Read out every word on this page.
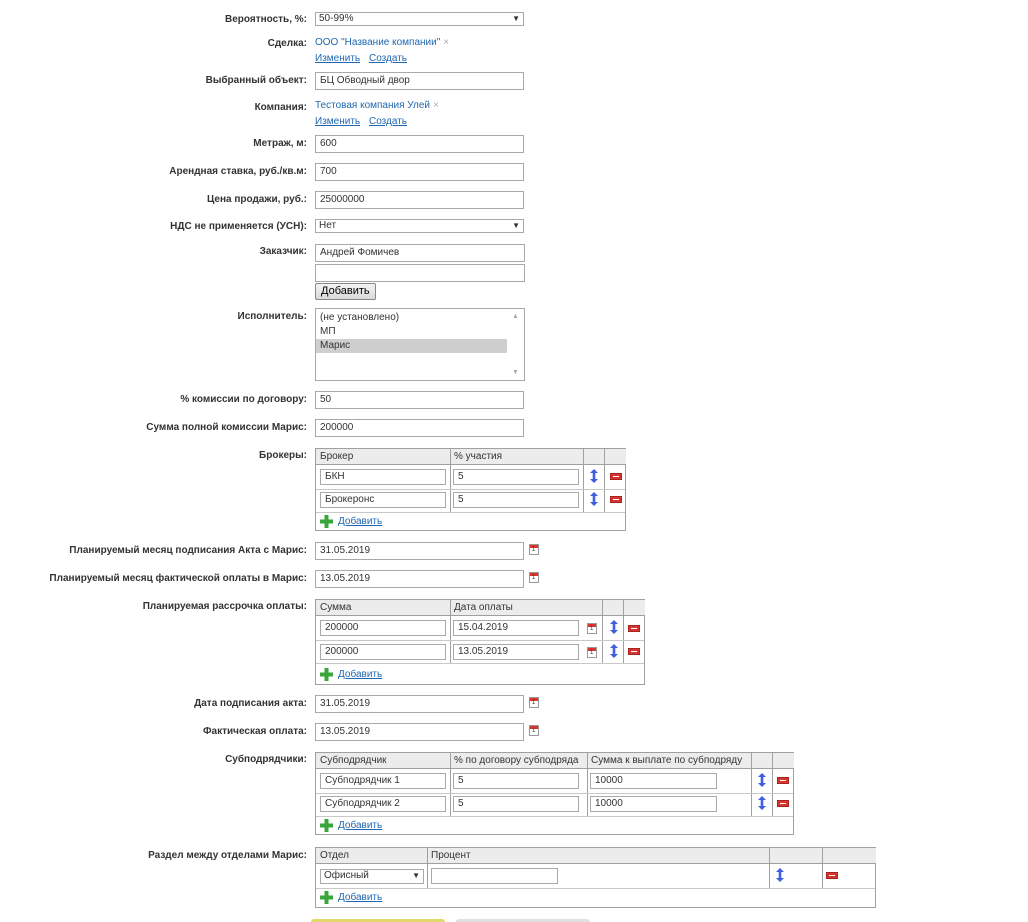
Вероятность, %:	50-99%	▼
Сделка: ООО "Название компании" ×
Изменить Создать
Выбранный объект:	БЦ Обводный двор
Компания: Тестовая компания Улей ×
Изменить Создать
Метраж, м:	600
Арендная ставка, руб./кв.м:	700
Цена продажи, руб.:	25000000
НДС не применяется (УСН):	Нет	▼
Заказчик:	Андрей Фомичев
Добавить
Исполнитель:	(не установлено)
МП
Марис
▲
▼
% комиссии по договору:	50
Сумма полной комиссии Марис:	200000
Брокеры:	Брокер	% участия
БКН	5
Брокеронс	5
Добавить
Планируемый месяц подписания Акта с Марис:	31.05.2019
1
Планируемый месяц фактической оплаты в Марис:	13.05.2019
1
Планируемая рассрочка оплаты:	Сумма	Дата оплаты
200000	15.04.2019
1
200000	13.05.2019
1
Добавить
Дата подписания акта:	31.05.2019
1
Фактическая оплата:	13.05.2019
1
Субподрядчики:	Субподрядчик	% по договору субподряда	Сумма к выплате по субподряду
Субподрядчик 1	5	10000
Субподрядчик 2	5	10000
Добавить
Раздел между отделами Марис:	Отдел	Процент
Офисный	▼
Добавить
